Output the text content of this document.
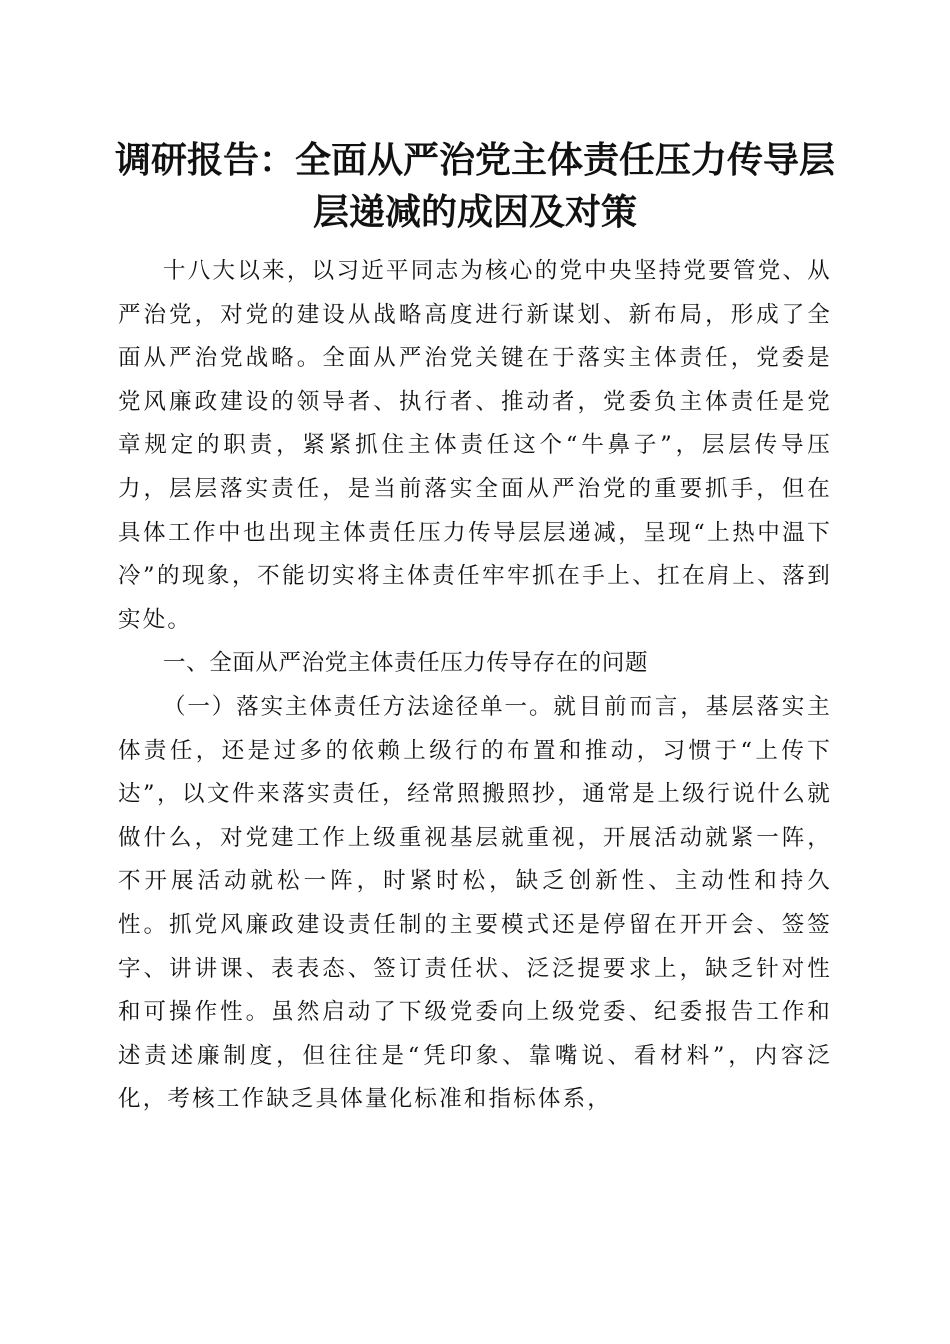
调研报告：全面从严治党主体责任压力传导层
层递减的成因及对策

十八大以来，以习近平同志为核心的党中央坚持党要管党、从严治党，对党的建设从战略高度进行新谋划、新布局，形成了全面从严治党战略。全面从严治党关键在于落实主体责任，党委是党风廉政建设的领导者、执行者、推动者，党委负主体责任是党章规定的职责，紧紧抓住主体责任这个“牛鼻子”，层层传导压力，层层落实责任，是当前落实全面从严治党的重要抓手，但在具体工作中也出现主体责任压力传导层层递减，呈现“上热中温下冷”的现象，不能切实将主体责任牢牢抓在手上、扛在肩上、落到实处。

一、全面从严治党主体责任压力传导存在的问题

（一）落实主体责任方法途径单一。就目前而言，基层落实主体责任，还是过多的依赖上级行的布置和推动，习惯于“上传下达”，以文件来落实责任，经常照搬照抄，通常是上级行说什么就做什么，对党建工作上级重视基层就重视，开展活动就紧一阵，不开展活动就松一阵，时紧时松，缺乏创新性、主动性和持久性。抓党风廉政建设责任制的主要模式还是停留在开开会、签签字、讲讲课、表表态、签订责任状、泛泛提要求上，缺乏针对性和可操作性。虽然启动了下级党委向上级党委、纪委报告工作和述责述廉制度，但往往是“凭印象、靠嘴说、看材料”，内容泛化，考核工作缺乏具体量化标准和指标体系，
